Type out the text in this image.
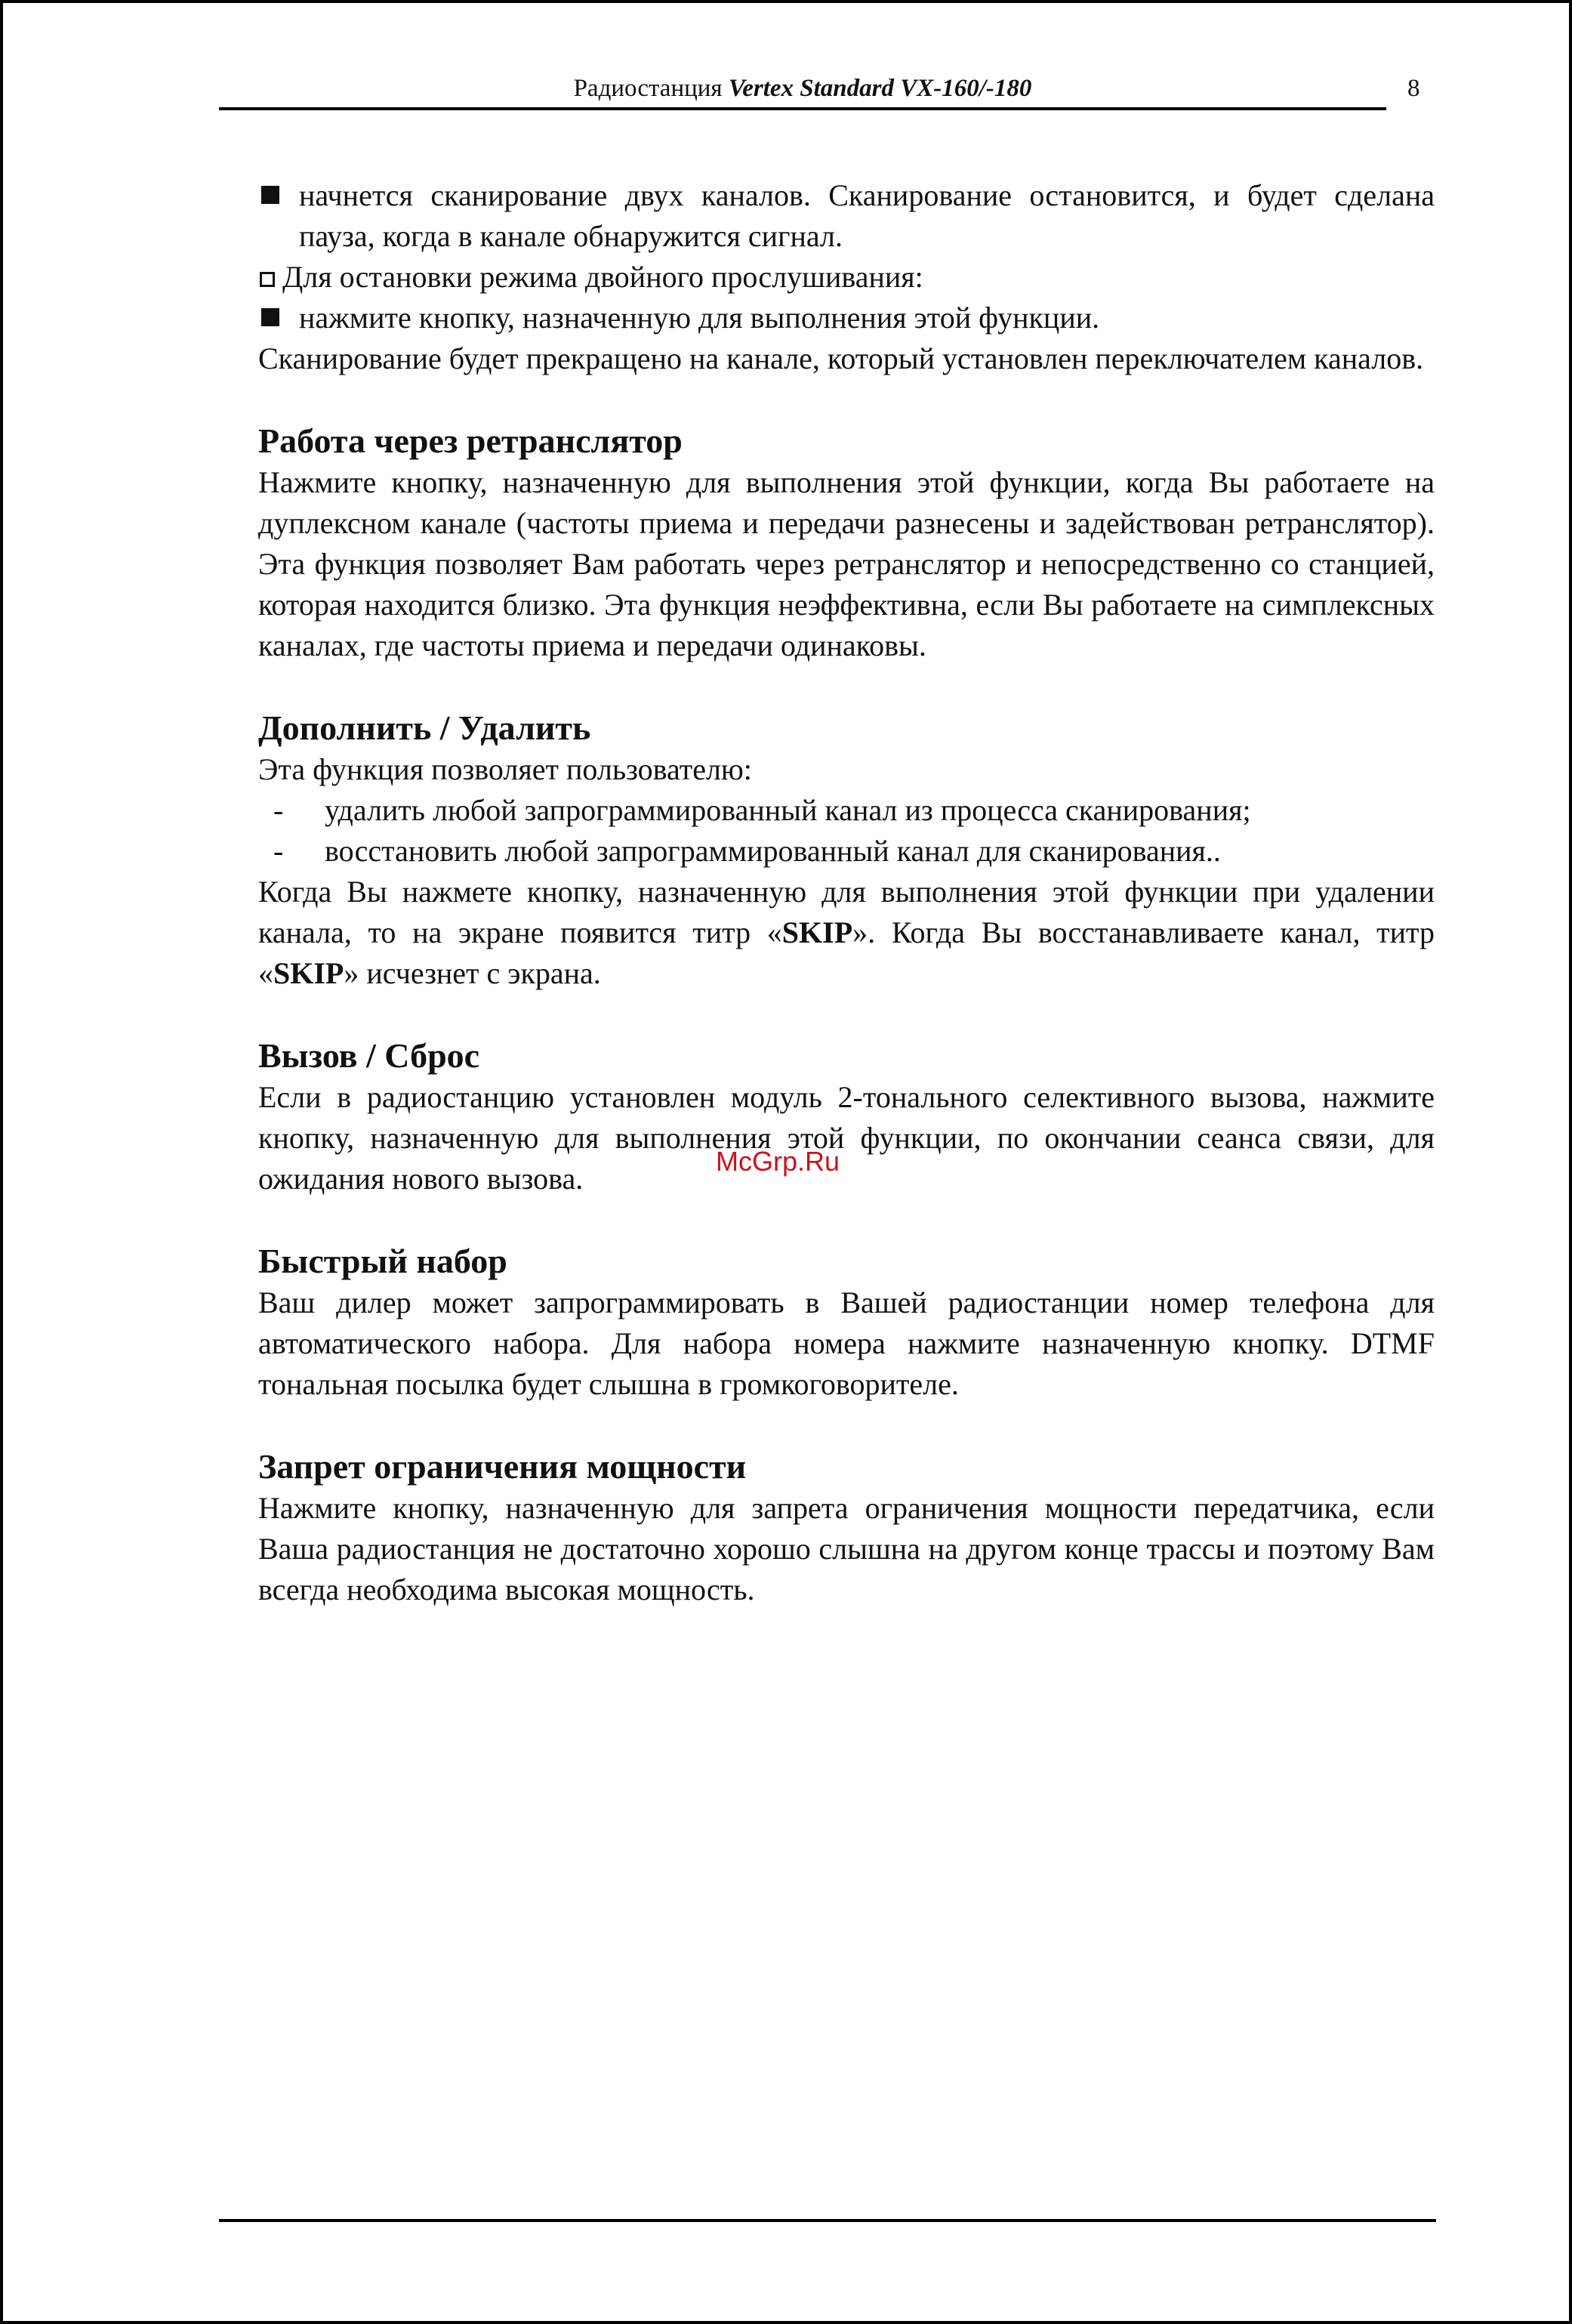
Радиостанция Vertex Standard VX-160/-180	8

начнется сканирование двух каналов. Сканирование остановится, и будет сделана пауза, когда в канале обнаружится сигнал.

Для остановки режима двойного прослушивания:

нажмите кнопку, назначенную для выполнения этой функции.

Сканирование будет прекращено на канале, который установлен переключателем каналов.

Работа через ретранслятор

Нажмите кнопку, назначенную для выполнения этой функции, когда Вы работаете на дуплексном канале (частоты приема и передачи разнесены и задействован ретранслятор). Эта функция позволяет Вам работать через ретранслятор и непосредственно со станцией, которая находится близко. Эта функция неэффективна, если Вы работаете на симплексных каналах, где частоты приема и передачи одинаковы.

Дополнить / Удалить

Эта функция позволяет пользователю:

- удалить любой запрограммированный канал из процесса сканирования;

- восстановить любой запрограммированный канал для сканирования..

Когда Вы нажмете кнопку, назначенную для выполнения этой функции при удалении канала, то на экране появится титр «SKIP». Когда Вы восстанавливаете канал, титр «SKIP» исчезнет с экрана.

Вызов / Сброс

Если в радиостанцию установлен модуль 2-тонального селективного вызова, нажмите кнопку, назначенную для выполнения этой функции, по окончании сеанса связи, для ожидания нового вызова.

Быстрый набор

Ваш дилер может запрограммировать в Вашей радиостанции номер телефона для автоматического набора. Для набора номера нажмите назначенную кнопку. DTMF тональная посылка будет слышна в громкоговорителе.

Запрет ограничения мощности

Нажмите кнопку, назначенную для запрета ограничения мощности передатчика, если Ваша радиостанция не достаточно хорошо слышна на другом конце трассы и поэтому Вам всегда необходима высокая мощность.

McGrp.Ru
